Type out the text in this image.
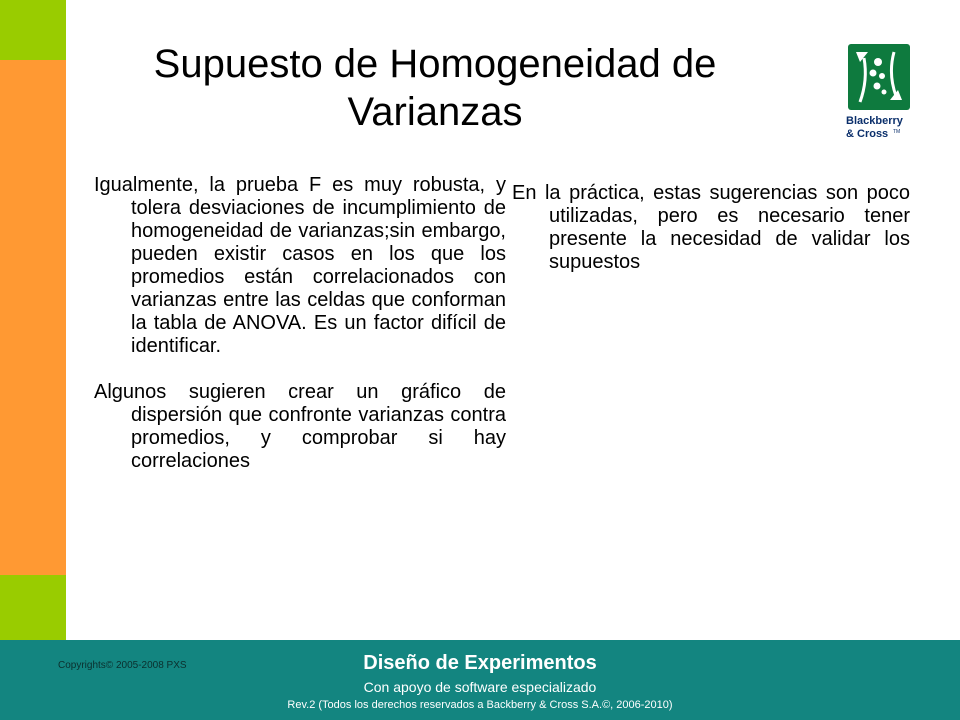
Supuesto de Homogeneidad de Varianzas	Blackberry
& Cross TM

Igualmente, la prueba F es muy robusta, y tolera desviaciones de incumplimiento de homogeneidad de varianzas;sin embargo, pueden existir casos en los que los promedios están correlacionados con varianzas entre las celdas que conforman la tabla de ANOVA. Es un factor difícil de identificar.

Algunos sugieren crear un gráfico de dispersión que confronte varianzas contra promedios, y comprobar si hay correlaciones

En la práctica, estas sugerencias son poco utilizadas, pero es necesario tener presente la necesidad de validar los supuestos

Copyrights© 2005-2008 PXS	Diseño de Experimentos
Con apoyo de software especializado
Rev.2 (Todos los derechos reservados a Backberry & Cross S.A.©, 2006-2010)
